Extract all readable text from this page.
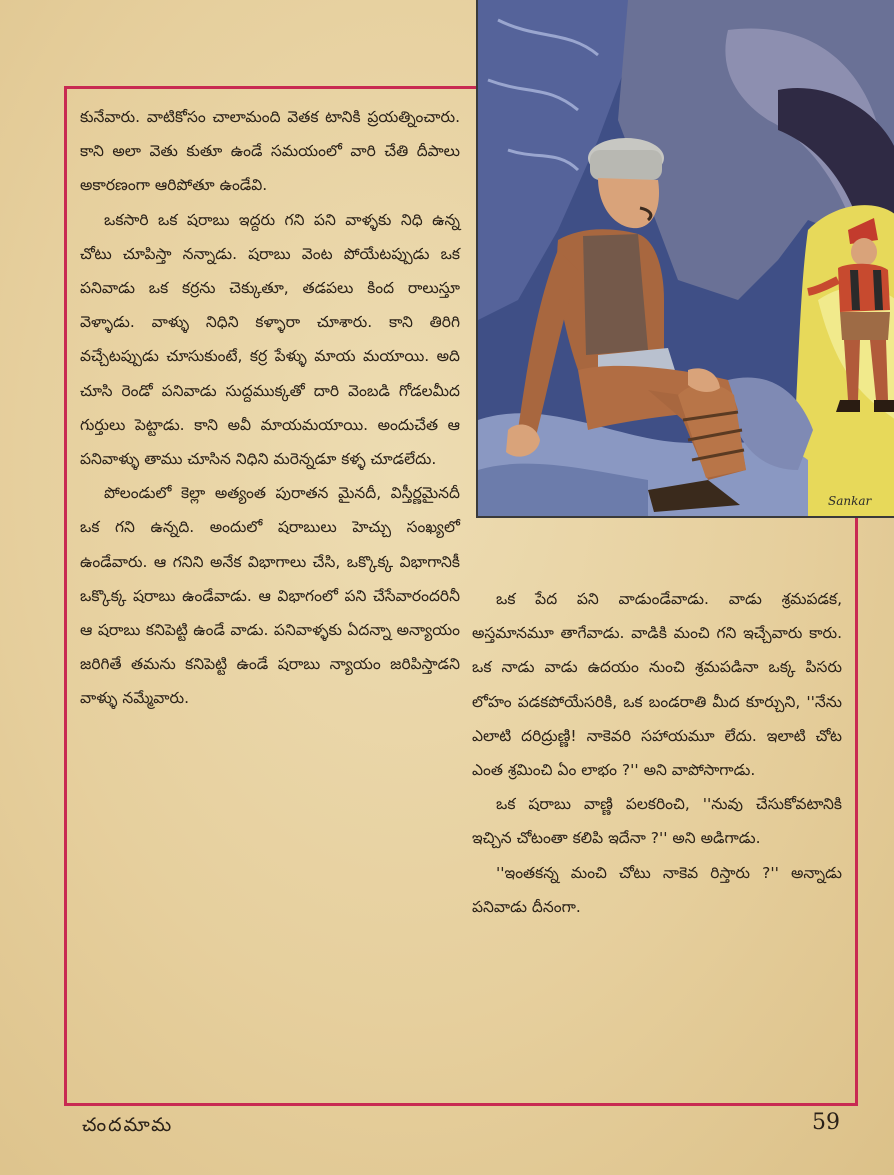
Sankar

కునేవారు. వాటికోసం చాలామంది వెతక టానికి ప్రయత్నించారు. కాని అలా వెతు కుతూ ఉండే సమయంలో వారి చేతి దీపాలు అకారణంగా ఆరిపోతూ ఉండేవి.

ఒకసారి ఒక షరాబు ఇద్దరు గని పని వాళ్ళకు నిధి ఉన్న చోటు చూపిస్తా నన్నాడు. షరాబు వెంట పోయేటప్పుడు ఒక పనివాడు ఒక కర్రను చెక్కుతూ, తడపలు కింద రాలుస్తూ వెళ్ళాడు. వాళ్ళు నిధిని కళ్ళారా చూశారు. కాని తిరిగి వచ్చేటప్పుడు చూసుకుంటే, కర్ర పేళ్ళు మాయ మయాయి. అది చూసి రెండో పనివాడు సుద్దముక్కతో దారి వెంబడి గోడలమీద గుర్తులు పెట్టాడు. కాని అవీ మాయమయాయి. అందుచేత ఆ పనివాళ్ళు తాము చూసిన నిధిని మరెన్నడూ కళ్ళ చూడలేదు.

పోలండులో కెల్లా అత్యంత పురాతన మైనదీ, విస్తీర్ణమైనదీ ఒక గని ఉన్నది. అందులో షరాబులు హెచ్చు సంఖ్యలో ఉండేవారు. ఆ గనిని అనేక విభాగాలు చేసి, ఒక్కొక్క విభాగానికీ ఒక్కొక్క షరాబు ఉండేవాడు. ఆ విభాగంలో పని చేసేవారందరినీ ఆ షరాబు కనిపెట్టి ఉండే వాడు. పనివాళ్ళకు ఏదన్నా అన్యాయం జరిగితే తమను కనిపెట్టి ఉండే షరాబు న్యాయం జరిపిస్తాడని వాళ్ళు నమ్మేవారు.

ఒక పేద పని వాడుండేవాడు. వాడు శ్రమపడక, అస్తమానమూ తాగేవాడు. వాడికి మంచి గని ఇచ్చేవారు కారు. ఒక నాడు వాడు ఉదయం నుంచి శ్రమపడినా ఒక్క పిసరు లోహం పడకపోయేసరికి, ఒక బండరాతి మీద కూర్చుని, ''నేను ఎలాటి దరిద్రుణ్ణి! నాకెవరి సహాయమూ లేదు. ఇలాటి చోట ఎంత శ్రమించి ఏం లాభం ?'' అని వాపోసాగాడు.

ఒక షరాబు వాణ్ణి పలకరించి, ''నువు చేసుకోవటానికి ఇచ్చిన చోటంతా కలిపి ఇదేనా ?'' అని అడిగాడు.

''ఇంతకన్న మంచి చోటు నాకెవ రిస్తారు ?'' అన్నాడు పనివాడు దీనంగా.

చందమామ	59
